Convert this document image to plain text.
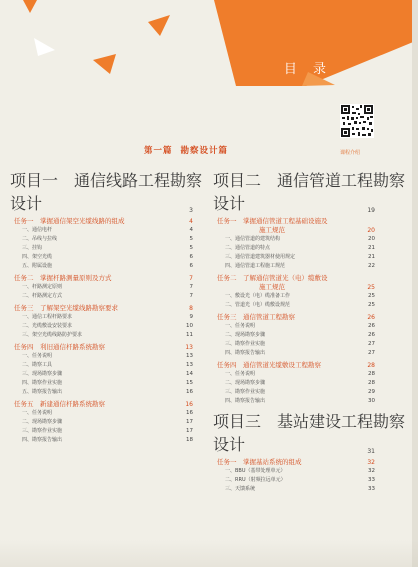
目 录
课程介绍
第一篇 勘察设计篇
项目一　通信线路工程勘察
设计	3
任务一　掌握通信架空光缆线路的组成	4
一、通信电杆	4
二、吊线与拉线	5
三、挂钩	5
四、架空光缆	6
五、附属设施	6
任务二　掌握杆路测量原则及方式	7
一、杆路测定原则	7
二、杆路测定方式	7
任务三　了解架空光缆线路勘察要求	8
一、通信工程杆路要求	9
二、光缆敷设安装要求	10
三、架空光缆线路防护要求	11
任务四　利旧通信杆路系统勘察	13
一、任务说明	13
二、勘察工具	13
三、现场勘察步骤	14
四、勘察作业实施	15
五、勘察报告输出	16
任务五　新建通信杆路系统勘察	16
一、任务说明	16
二、现场勘察步骤	17
三、勘察作业实施	17
四、勘察报告输出	18
项目二　通信管道工程勘察
设计	19
任务一　掌握通信管道工程基础设施及
施工规范	20
一、通信管道的建筑结构	20
二、通信管道的特点	21
三、通信管道建筑器材使用规定	21
四、通信管道工程施工规范	22
任务二　了解通信管道光（电）缆敷设
施工规范	25
一、敷设光（电）缆准备工作	25
二、管道光（电）缆敷设规范	25
任务三　通信管道工程勘察	26
一、任务说明	26
二、现场勘察步骤	26
三、勘察作业实施	27
四、勘察报告输出	27
任务四　通信管道光缆敷设工程勘察	28
一、任务说明	28
二、现场勘察步骤	28
三、勘察作业实施	29
四、勘察报告输出	30
项目三　基站建设工程勘察
设计	31
任务一　掌握基站系统的组成	32
一、BBU（基带处理单元）	32
二、RRU（射频拉远单元）	33
三、天馈系统	33
